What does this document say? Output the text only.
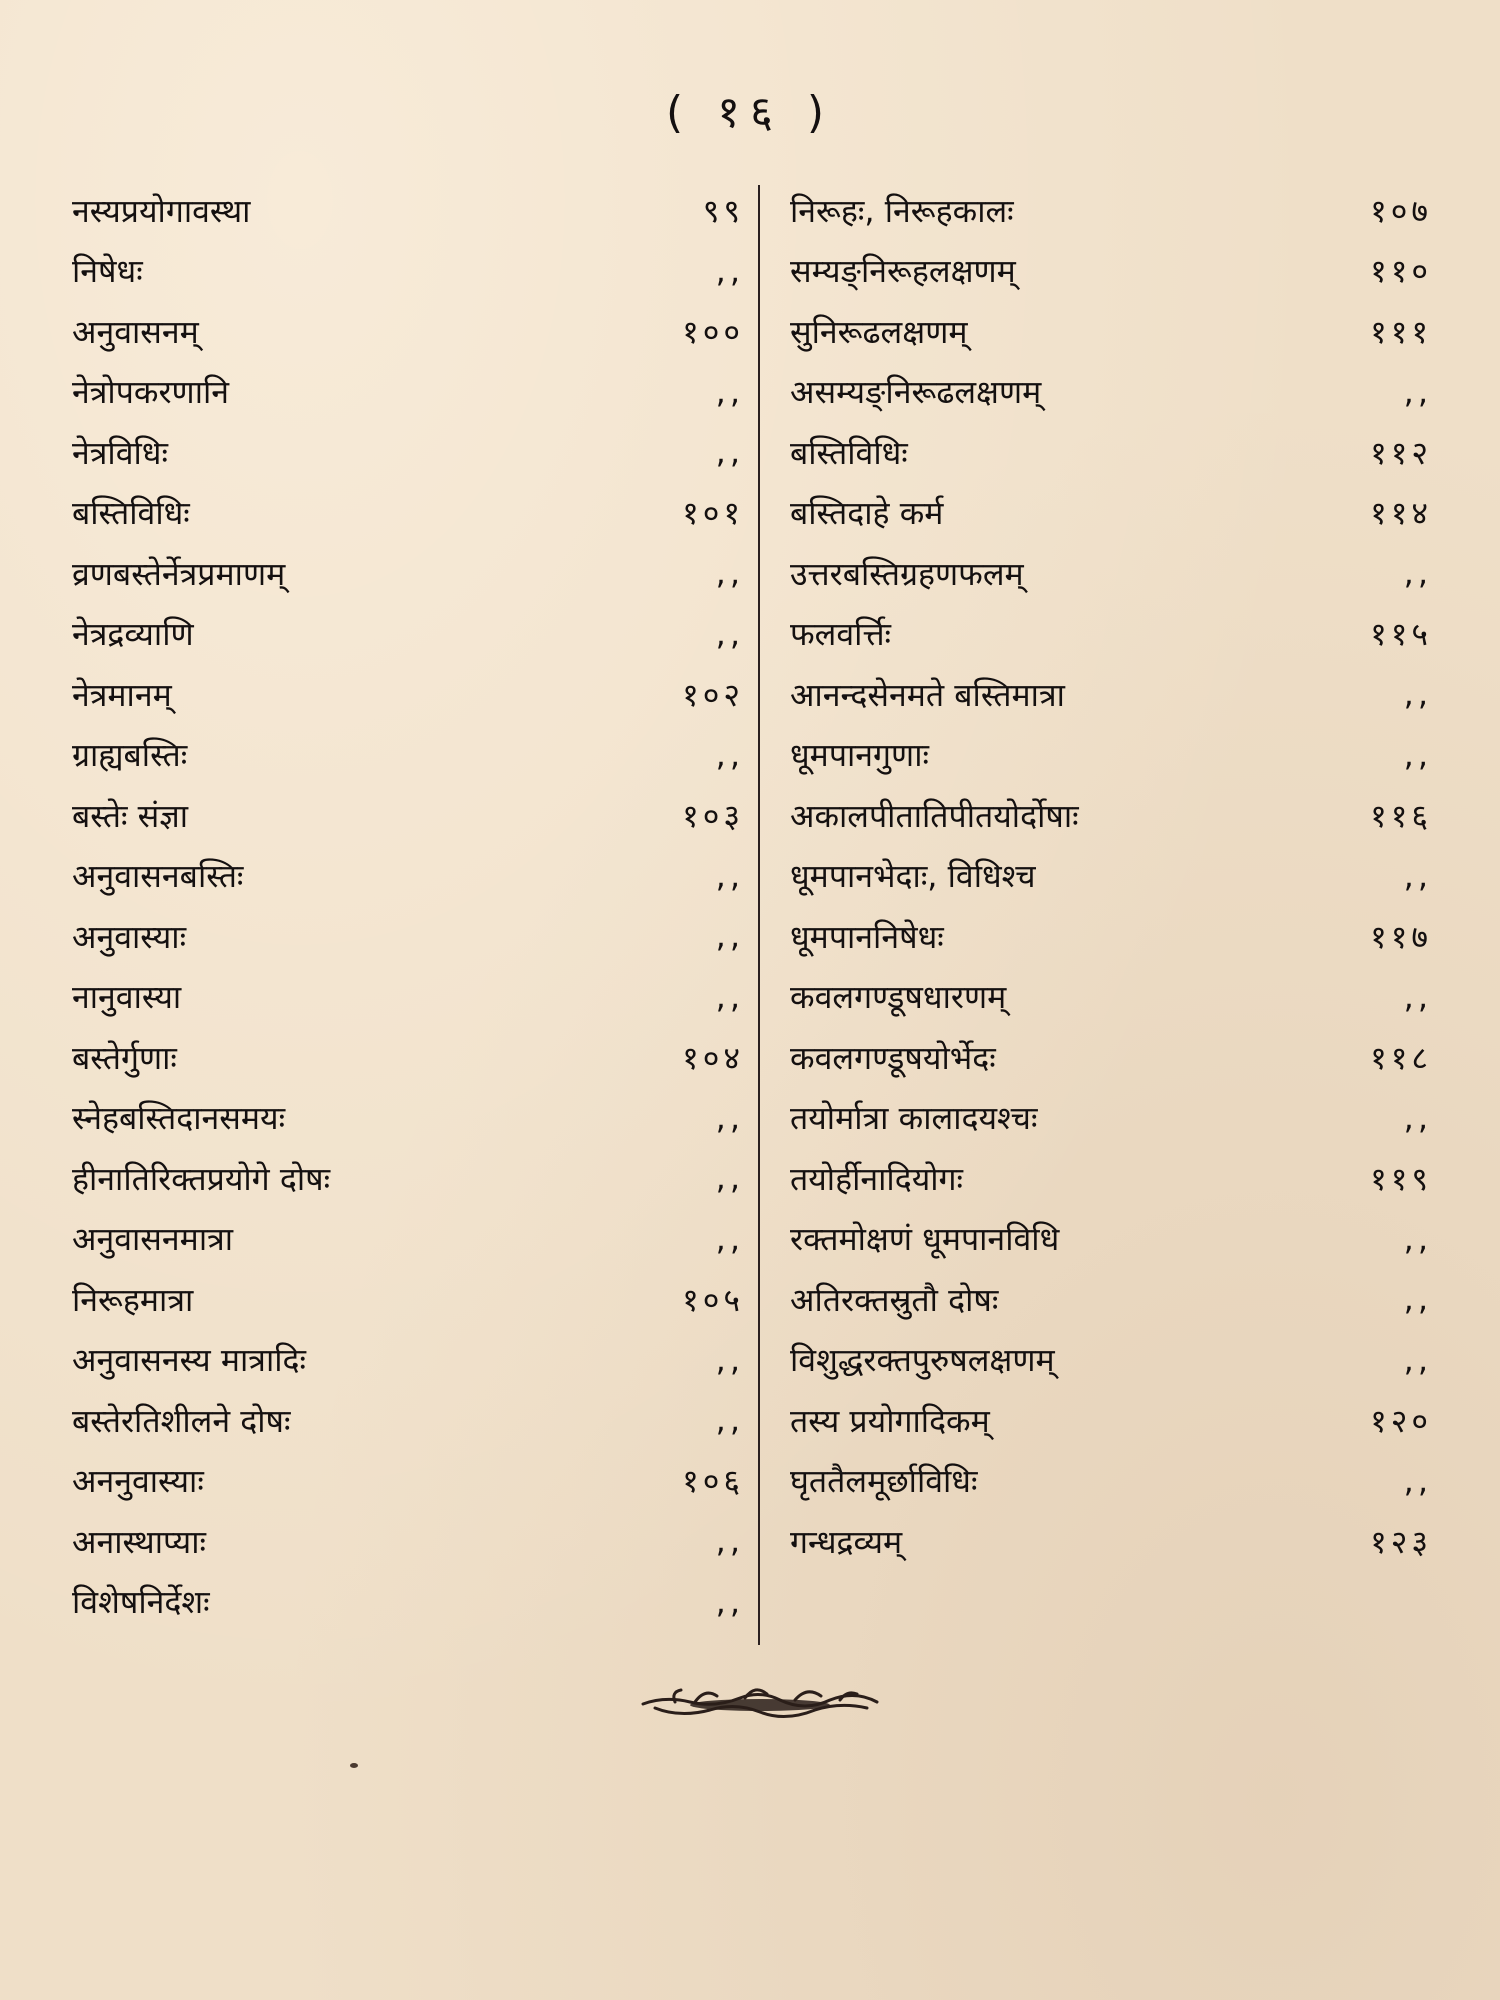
( १६ )
नस्यप्रयोगावस्था	९९
निषेधः	,,
अनुवासनम्	१००
नेत्रोपकरणानि	,,
नेत्रविधिः	,,
बस्तिविधिः	१०१
व्रणबस्तेर्नेत्रप्रमाणम्	,,
नेत्रद्रव्याणि	,,
नेत्रमानम्	१०२
ग्राह्यबस्तिः	,,
बस्तेः संज्ञा	१०३
अनुवासनबस्तिः	,,
अनुवास्याः	,,
नानुवास्या	,,
बस्तेर्गुणाः	१०४
स्नेहबस्तिदानसमयः	,,
हीनातिरिक्तप्रयोगे दोषः	,,
अनुवासनमात्रा	,,
निरूहमात्रा	१०५
अनुवासनस्य मात्रादिः	,,
बस्तेरतिशीलने दोषः	,,
अननुवास्याः	१०६
अनास्थाप्याः	,,
विशेषनिर्देशः	,,
निरूहः, निरूहकालः	१०७
सम्यङ्निरूहलक्षणम्	११०
सुनिरूढलक्षणम्	१११
असम्यङ्निरूढलक्षणम्	,,
बस्तिविधिः	११२
बस्तिदाहे कर्म	११४
उत्तरबस्तिग्रहणफलम्	,,
फलवर्त्तिः	११५
आनन्दसेनमते बस्तिमात्रा	,,
धूमपानगुणाः	,,
अकालपीतातिपीतयोर्दोषाः	११६
धूमपानभेदाः, विधिश्च	,,
धूमपाननिषेधः	११७
कवलगण्डूषधारणम्	,,
कवलगण्डूषयोर्भेदः	११८
तयोर्मात्रा कालादयश्चः	,,
तयोर्हीनादियोगः	११९
रक्तमोक्षणं धूमपानविधि	,,
अतिरक्तस्रुतौ दोषः	,,
विशुद्धरक्तपुरुषलक्षणम्	,,
तस्य प्रयोगादिकम्	१२०
घृततैलमूर्छाविधिः	,,
गन्धद्रव्यम्	१२३
